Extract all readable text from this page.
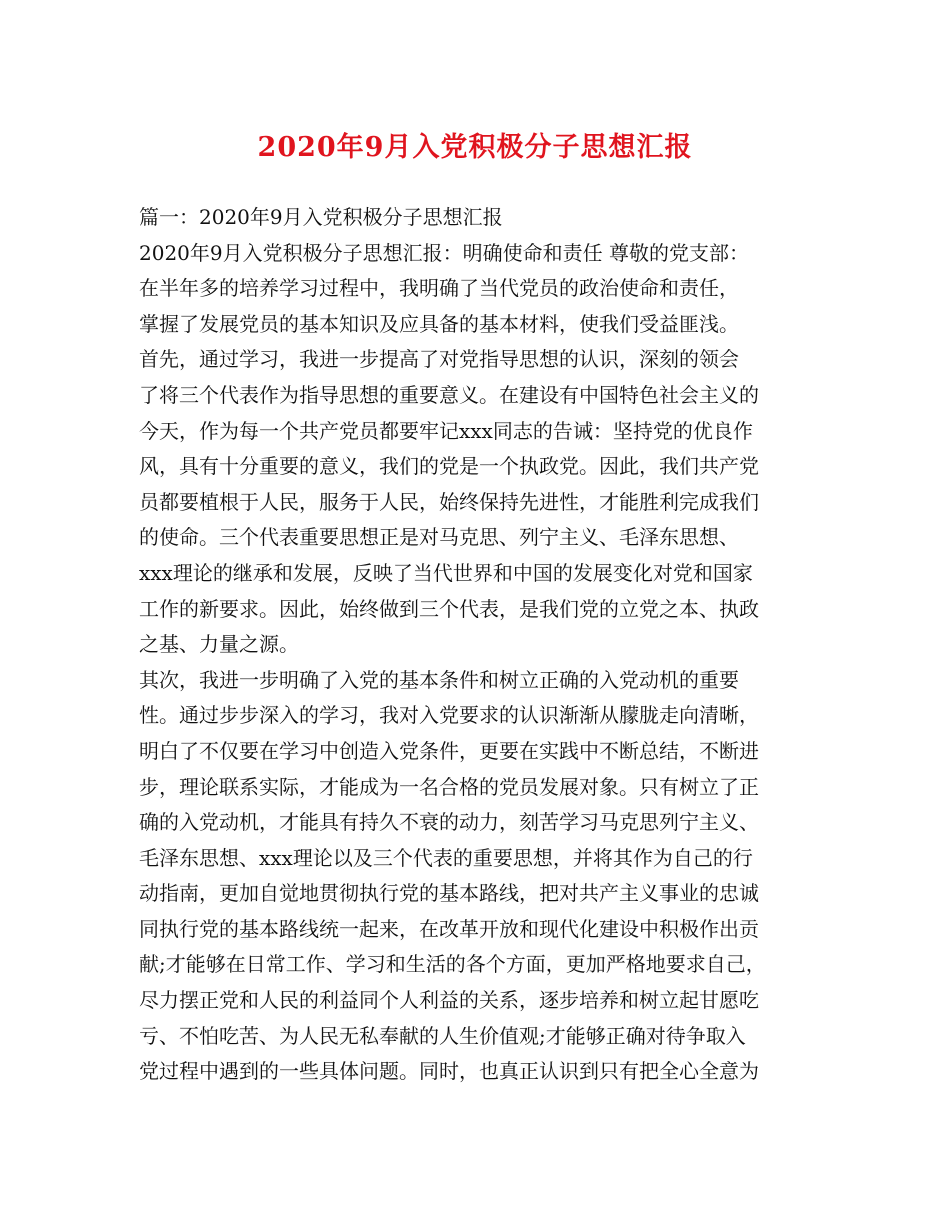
2020年9月入党积极分子思想汇报
篇一：2020年9月入党积极分子思想汇报
2020年9月入党积极分子思想汇报：明确使命和责任 尊敬的党支部：
在半年多的培养学习过程中，我明确了当代党员的政治使命和责任，
掌握了发展党员的基本知识及应具备的基本材料，使我们受益匪浅。
首先，通过学习，我进一步提高了对党指导思想的认识，深刻的领会
了将三个代表作为指导思想的重要意义。在建设有中国特色社会主义的
今天，作为每一个共产党员都要牢记xxx同志的告诫：坚持党的优良作
风，具有十分重要的意义，我们的党是一个执政党。因此，我们共产党
员都要植根于人民，服务于人民，始终保持先进性，才能胜利完成我们
的使命。三个代表重要思想正是对马克思、列宁主义、毛泽东思想、
xxx理论的继承和发展，反映了当代世界和中国的发展变化对党和国家
工作的新要求。因此，始终做到三个代表，是我们党的立党之本、执政
之基、力量之源。
其次，我进一步明确了入党的基本条件和树立正确的入党动机的重要
性。通过步步深入的学习，我对入党要求的认识渐渐从朦胧走向清晰，
明白了不仅要在学习中创造入党条件，更要在实践中不断总结，不断进
步，理论联系实际，才能成为一名合格的党员发展对象。只有树立了正
确的入党动机，才能具有持久不衰的动力，刻苦学习马克思列宁主义、
毛泽东思想、xxx理论以及三个代表的重要思想，并将其作为自己的行
动指南，更加自觉地贯彻执行党的基本路线，把对共产主义事业的忠诚
同执行党的基本路线统一起来，在改革开放和现代化建设中积极作出贡
献;才能够在日常工作、学习和生活的各个方面，更加严格地要求自己，
尽力摆正党和人民的利益同个人利益的关系，逐步培养和树立起甘愿吃
亏、不怕吃苦、为人民无私奉献的人生价值观;才能够正确对待争取入
党过程中遇到的一些具体问题。同时，也真正认识到只有把全心全意为
